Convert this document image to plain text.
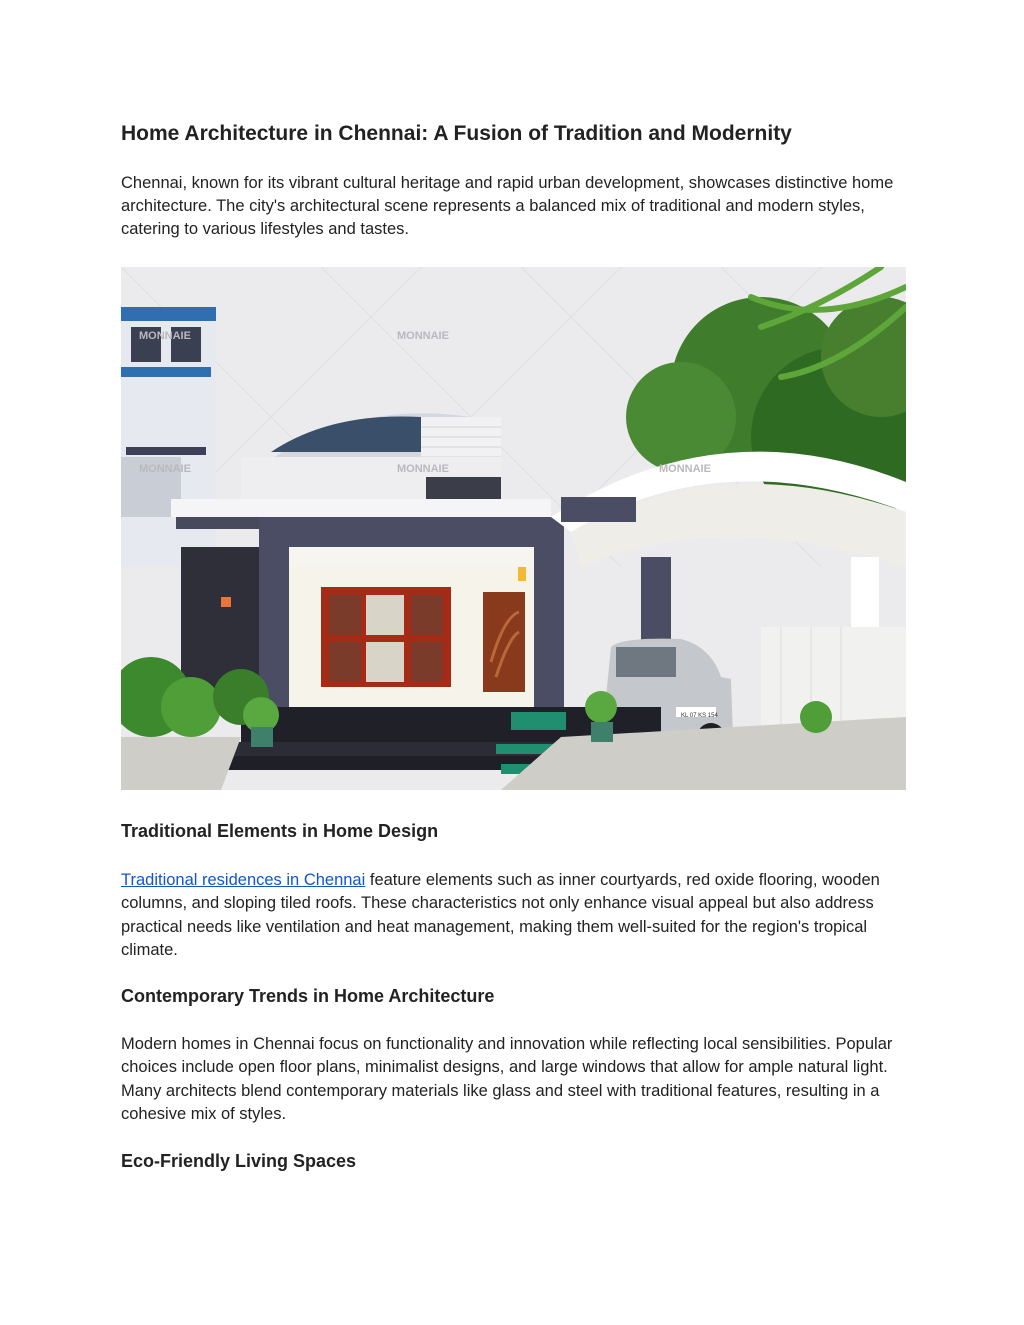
Home Architecture in Chennai: A Fusion of Tradition and Modernity

Chennai, known for its vibrant cultural heritage and rapid urban development, showcases distinctive home architecture. The city's architectural scene represents a balanced mix of traditional and modern styles, catering to various lifestyles and tastes.

MONNAIE	MONNAIE
MONNAIE	MONNAIE
MONNAIE
KL 07 KS 154
Traditional Elements in Home Design

Traditional residences in Chennai feature elements such as inner courtyards, red oxide flooring, wooden columns, and sloping tiled roofs. These characteristics not only enhance visual appeal but also address practical needs like ventilation and heat management, making them well-suited for the region's tropical climate.

Contemporary Trends in Home Architecture

Modern homes in Chennai focus on functionality and innovation while reflecting local sensibilities. Popular choices include open floor plans, minimalist designs, and large windows that allow for ample natural light. Many architects blend contemporary materials like glass and steel with traditional features, resulting in a cohesive mix of styles.

Eco-Friendly Living Spaces
